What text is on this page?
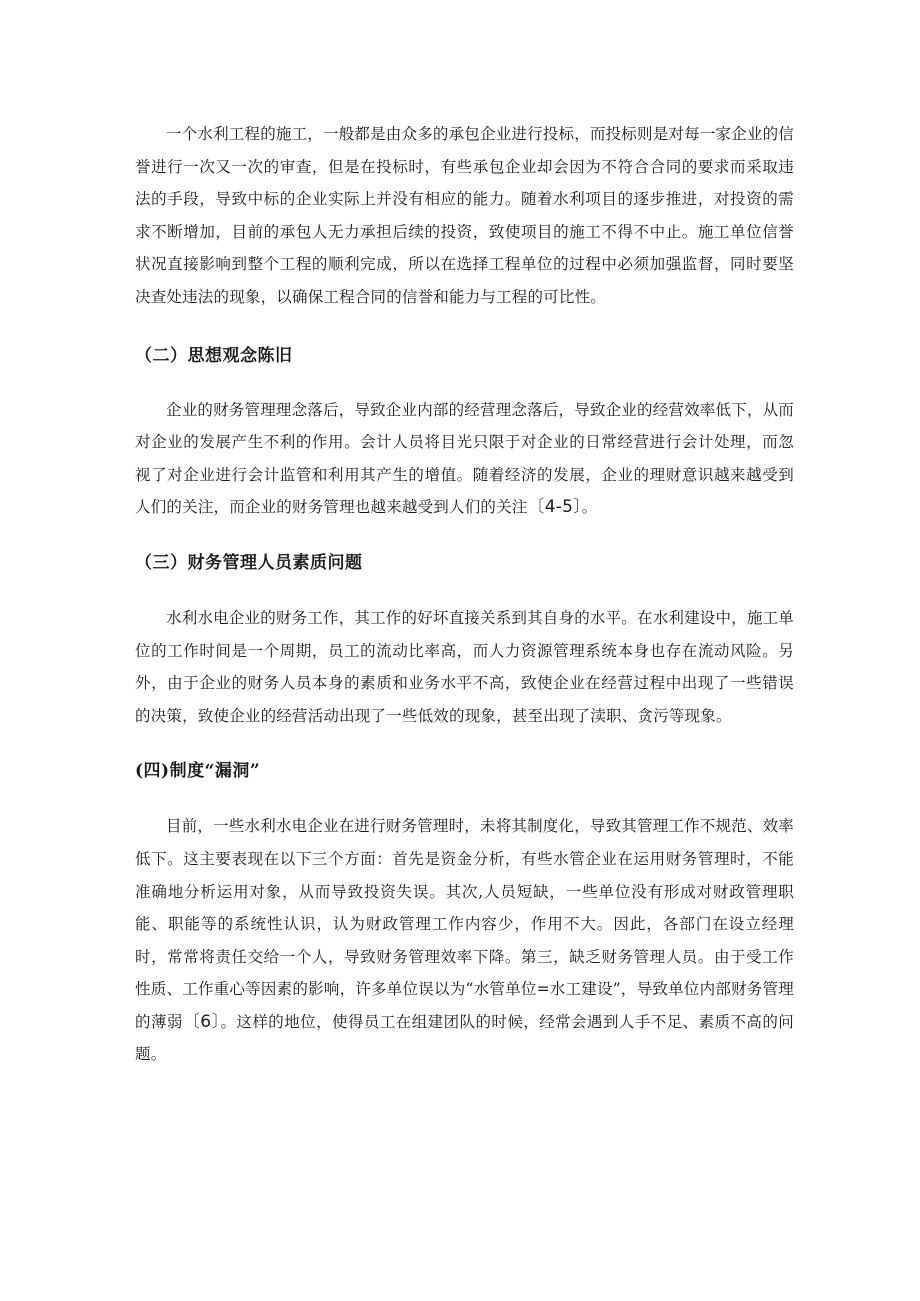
一个水利工程的施工，一般都是由众多的承包企业进行投标，而投标则是对每一家企业的信誉进行一次又一次的审查，但是在投标时，有些承包企业却会因为不符合合同的要求而采取违法的手段，导致中标的企业实际上并没有相应的能力。随着水利项目的逐步推进，对投资的需求不断增加，目前的承包人无力承担后续的投资，致使项目的施工不得不中止。施工单位信誉状况直接影响到整个工程的顺利完成，所以在选择工程单位的过程中必须加强监督，同时要坚决查处违法的现象，以确保工程合同的信誉和能力与工程的可比性。

（二）思想观念陈旧

企业的财务管理理念落后，导致企业内部的经营理念落后，导致企业的经营效率低下，从而对企业的发展产生不利的作用。会计人员将目光只限于对企业的日常经营进行会计处理，而忽视了对企业进行会计监管和利用其产生的增值。随着经济的发展，企业的理财意识越来越受到人们的关注，而企业的财务管理也越来越受到人们的关注〔4-5〕。

（三）财务管理人员素质问题

水利水电企业的财务工作，其工作的好坏直接关系到其自身的水平。在水利建设中，施工单位的工作时间是一个周期，员工的流动比率高，而人力资源管理系统本身也存在流动风险。另外，由于企业的财务人员本身的素质和业务水平不高，致使企业在经营过程中出现了一些错误的决策，致使企业的经营活动出现了一些低效的现象，甚至出现了渎职、贪污等现象。

(四)制度“漏洞”

目前，一些水利水电企业在进行财务管理时，未将其制度化，导致其管理工作不规范、效率低下。这主要表现在以下三个方面：首先是资金分析，有些水管企业在运用财务管理时，不能准确地分析运用对象，从而导致投资失误。其次,人员短缺，一些单位没有形成对财政管理职能、职能等的系统性认识，认为财政管理工作内容少，作用不大。因此，各部门在设立经理时，常常将责任交给一个人，导致财务管理效率下降。第三，缺乏财务管理人员。由于受工作性质、工作重心等因素的影响，许多单位误以为“水管单位=水工建设”，导致单位内部财务管理的薄弱〔6〕。这样的地位，使得员工在组建团队的时候，经常会遇到人手不足、素质不高的问题。
